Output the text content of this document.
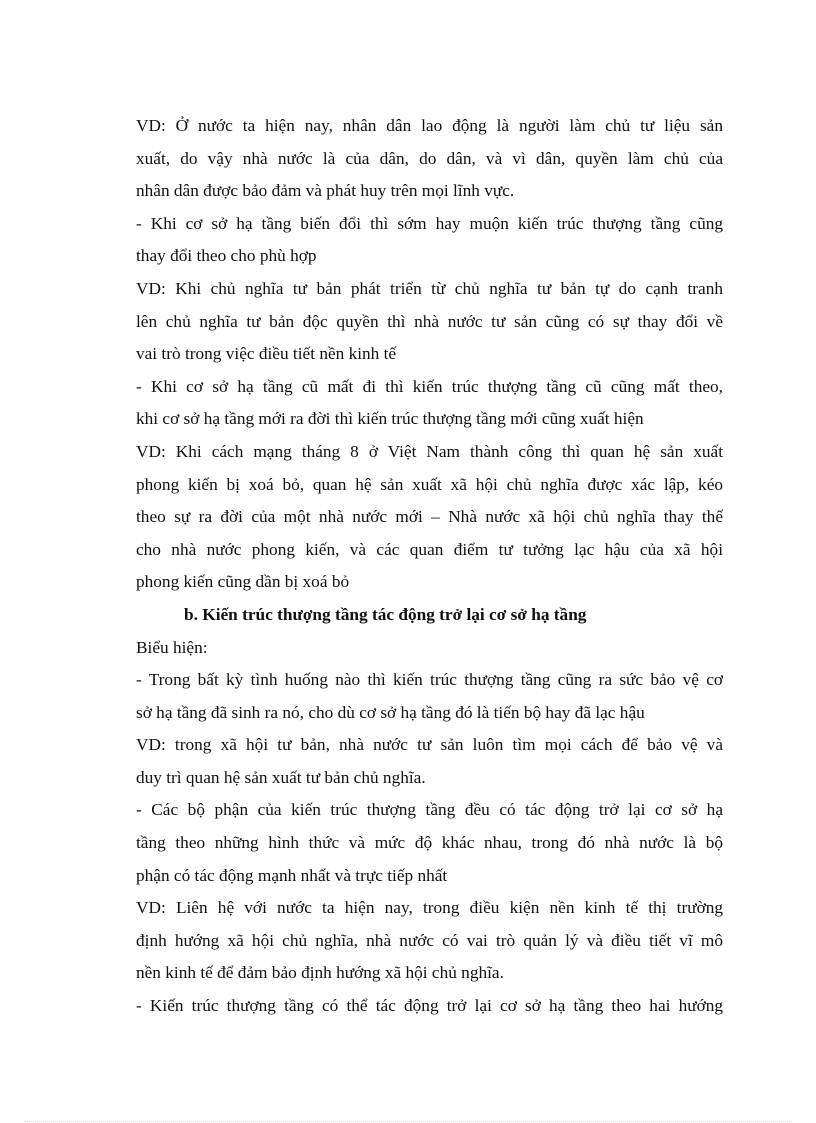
VD: Ở nước ta hiện nay, nhân dân lao động là người làm chủ tư liệu sản
xuất, do vậy nhà nước là của dân, do dân, và vì dân, quyền làm chủ của
nhân dân được bảo đảm và phát huy trên mọi lĩnh vực.
- Khi cơ sở hạ tầng biến đổi thì sớm hay muộn kiến trúc thượng tầng cũng
thay đổi theo cho phù hợp
VD: Khi chủ nghĩa tư bản phát triển từ chủ nghĩa tư bản tự do cạnh tranh
lên chủ nghĩa tư bản độc quyền thì nhà nước tư sản cũng có sự thay đổi về
vai trò trong việc điều tiết nền kinh tế
- Khi cơ sở hạ tầng cũ mất đi thì kiến trúc thượng tầng cũ cũng mất theo,
khi cơ sở hạ tầng mới ra đời thì kiến trúc thượng tầng mới cũng xuất hiện
VD: Khi cách mạng tháng 8 ở Việt Nam thành công thì quan hệ sản xuất
phong kiến bị xoá bỏ, quan hệ sản xuất xã hội chủ nghĩa được xác lập, kéo
theo sự ra đời của một nhà nước mới – Nhà nước xã hội chủ nghĩa thay thế
cho nhà nước phong kiến, và các quan điểm tư tưởng lạc hậu của xã hội
phong kiến cũng dần bị xoá bỏ
b. Kiến trúc thượng tầng tác động trở lại cơ sở hạ tầng
Biểu hiện:
- Trong bất kỳ tình huống nào thì kiến trúc thượng tầng cũng ra sức bảo vệ cơ
sở hạ tầng đã sinh ra nó, cho dù cơ sở hạ tầng đó là tiến bộ hay đã lạc hậu
VD: trong xã hội tư bản, nhà nước tư sản luôn tìm mọi cách để bảo vệ và
duy trì quan hệ sản xuất tư bản chủ nghĩa.
- Các bộ phận của kiến trúc thượng tầng đều có tác động trở lại cơ sở hạ
tầng theo những hình thức và mức độ khác nhau, trong đó nhà nước là bộ
phận có tác động mạnh nhất và trực tiếp nhất
VD: Liên hệ với nước ta hiện nay, trong điều kiện nền kinh tế thị trường
định hướng xã hội chủ nghĩa, nhà nước có vai trò quản lý và điều tiết vĩ mô
nền kinh tế để đảm bảo định hướng xã hội chủ nghĩa.
- Kiến trúc thượng tầng có thể tác động trở lại cơ sở hạ tầng theo hai hướng
